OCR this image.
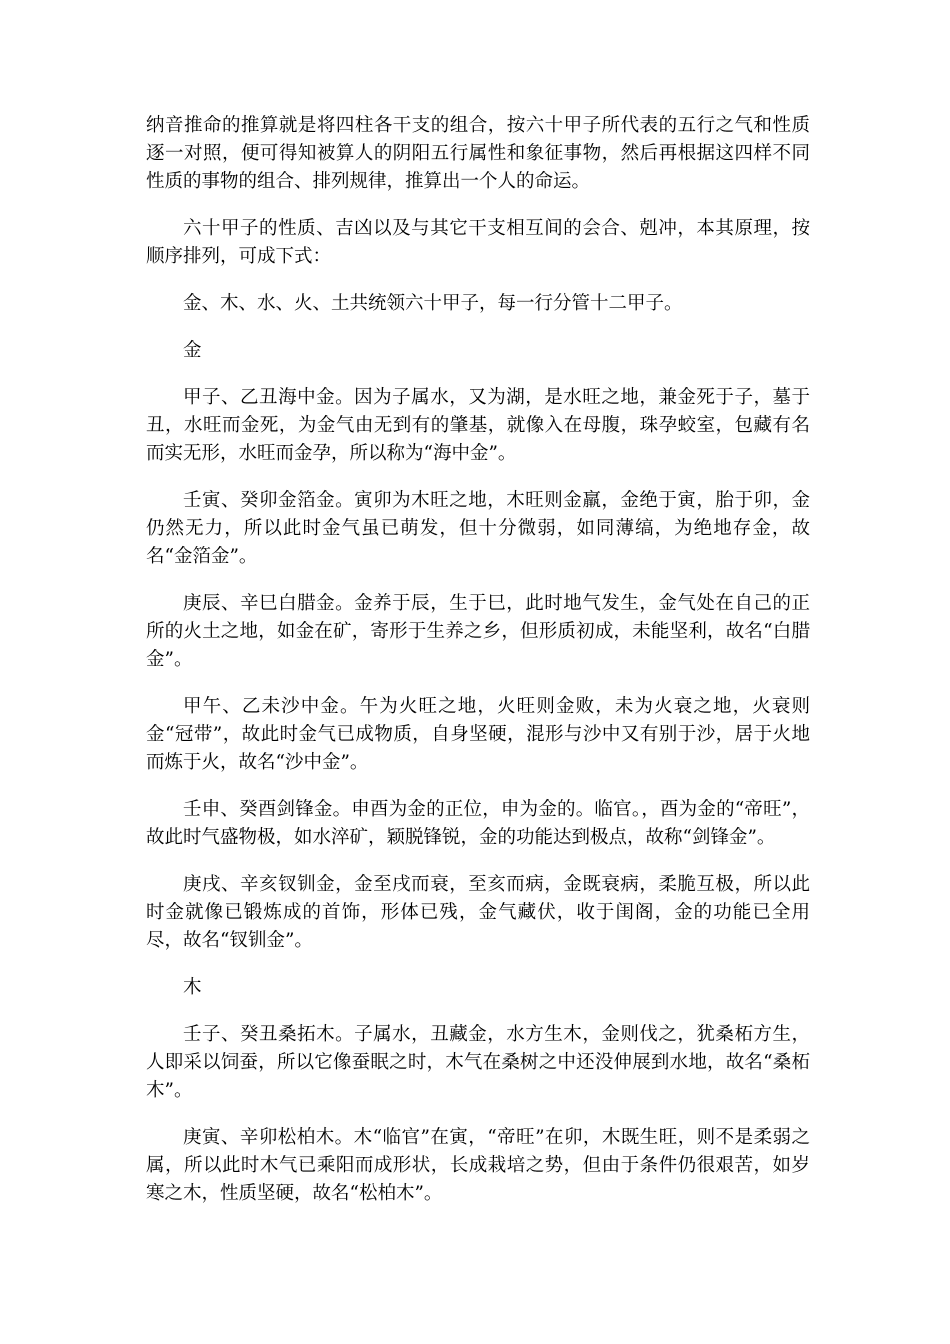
纳音推命的推算就是将四柱各干支的组合，按六十甲子所代表的五行之气和性质逐一对照，便可得知被算人的阴阳五行属性和象征事物，然后再根据这四样不同性质的事物的组合、排列规律，推算出一个人的命运。

六十甲子的性质、吉凶以及与其它干支相互间的会合、剋冲，本其原理，按顺序排列，可成下式：

金、木、水、火、土共统领六十甲子，每一行分管十二甲子。

金

甲子、乙丑海中金。因为子属水，又为湖，是水旺之地，兼金死于子，墓于丑，水旺而金死，为金气由无到有的肇基，就像入在母腹，珠孕蛟室，包藏有名而实无形，水旺而金孕，所以称为“海中金”。

壬寅、癸卯金箔金。寅卯为木旺之地，木旺则金羸，金绝于寅，胎于卯，金仍然无力，所以此时金气虽已萌发，但十分微弱，如同薄缟，为绝地存金，故名“金箔金”。

庚辰、辛巳白腊金。金养于辰，生于巳，此时地气发生，金气处在自己的正所的火土之地，如金在矿，寄形于生养之乡，但形质初成，未能坚利，故名“白腊金”。

甲午、乙未沙中金。午为火旺之地，火旺则金败，未为火衰之地，火衰则金“冠带”，故此时金气已成物质，自身坚硬，混形与沙中又有别于沙，居于火地而炼于火，故名“沙中金”。

壬申、癸酉剑锋金。申酉为金的正位，申为金的。临官。，酉为金的“帝旺”，故此时气盛物极，如水淬矿，颖脱锋锐，金的功能达到极点，故称“剑锋金”。

庚戌、辛亥钗钏金，金至戌而衰，至亥而病，金既衰病，柔脆互极，所以此时金就像已锻炼成的首饰，形体已残，金气藏伏，收于闺阁，金的功能已全用尽，故名“钗钏金”。

木

壬子、癸丑桑拓木。子属水，丑藏金，水方生木，金则伐之，犹桑柘方生，人即采以饲蚕，所以它像蚕眠之时，木气在桑树之中还没伸展到水地，故名“桑柘木”。

庚寅、辛卯松柏木。木“临官”在寅，“帝旺”在卯，木既生旺，则不是柔弱之属，所以此时木气已乘阳而成形状，长成栽培之势，但由于条件仍很艰苦，如岁寒之木，性质坚硬，故名“松柏木”。
